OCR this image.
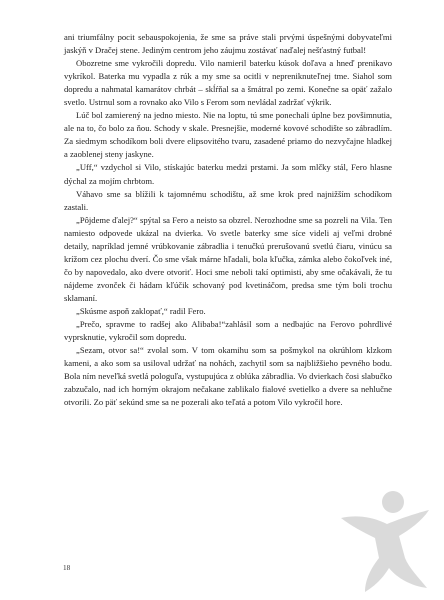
ani triumfálny pocit sebauspokojenia, že sme sa práve stali prvými úspešnými dobyvateľmi jaskýň v Dračej stene. Jediným centrom jeho záujmu zostávať naďalej nešťastný futbal!

Obozretne sme vykročili dopredu. Vilo namieril baterku kúsok doľava a hneď prenikavo vykríkol. Baterka mu vypadla z rúk a my sme sa ocitli v nepreniknuteľnej tme. Siahol som dopredu a nahmatal kamarátov chrbát – skĺŕňal sa a šmátral po zemi. Konečne sa opäť zažalo svetlo. Ustrnul som a rovnako ako Vilo s Ferom som nevládal zadržať výkrik.

Lúč bol zamierený na jedno miesto. Nie na loptu, tú sme ponechali úplne bez povšimnutia, ale na to, čo bolo za ňou. Schody v skale. Presnejšie, moderné kovové schodište so zábradlím. Za siedmym schodíkom boli dvere elipsovitého tvaru, zasadené priamo do nezvyčajne hladkej a zaoblenej steny jaskyne.

„Uff,“ vzdychol si Vilo, stískajúc baterku medzi prstami. Ja som mlčky stál, Fero hlasne dýchal za mojím chrbtom.

Váhavo sme sa blížili k tajomnému schodištu, až sme krok pred najnižším schodíkom zastali.

„Pôjdeme ďalej?“ spýtal sa Fero a neisto sa obzrel. Nerozhodne sme sa pozreli na Vila. Ten namiesto odpovede ukázal na dvierka. Vo svetle baterky sme síce videli aj veľmi drobné detaily, napríklad jemné vrúbkovanie zábradlia i tenučkú prerušovanú svetlú čiaru, vinúcu sa krížom cez plochu dverí. Čo sme však márne hľadali, bola kľučka, zámka alebo čokoľvek iné, čo by napovedalo, ako dvere otvoriť. Hoci sme neboli takí optimisti, aby sme očakávali, že tu nájdeme zvonček či hádam kľúčik schovaný pod kvetináčom, predsa sme tým boli trochu sklamaní.

„Skúsme aspoň zaklopať,“ radil Fero.

„Prečo, spravme to radšej ako Alibaba!“zahlásil som a nedbajúc na Ferovo pohrdlivé vyprsknutie, vykročil som dopredu.

„Sezam, otvor sa!“ zvolal som. V tom okamihu som sa pošmykol na okrúhlom klzkom kameni, a ako som sa usiloval udržať na nohách, zachytil som sa najbližšieho pevného bodu. Bola ním neveľká svetlá pologuľa, vystupujúca z oblúka zábradlia. Vo dvierkach čosi slabučko zabzučalo, nad ich horným okrajom nečakane zablikalo fialové svetielko a dvere sa nehlučne otvorili. Zo päť sekúnd sme sa ne pozerali ako teľatá a potom Vilo vykročil hore.

18
